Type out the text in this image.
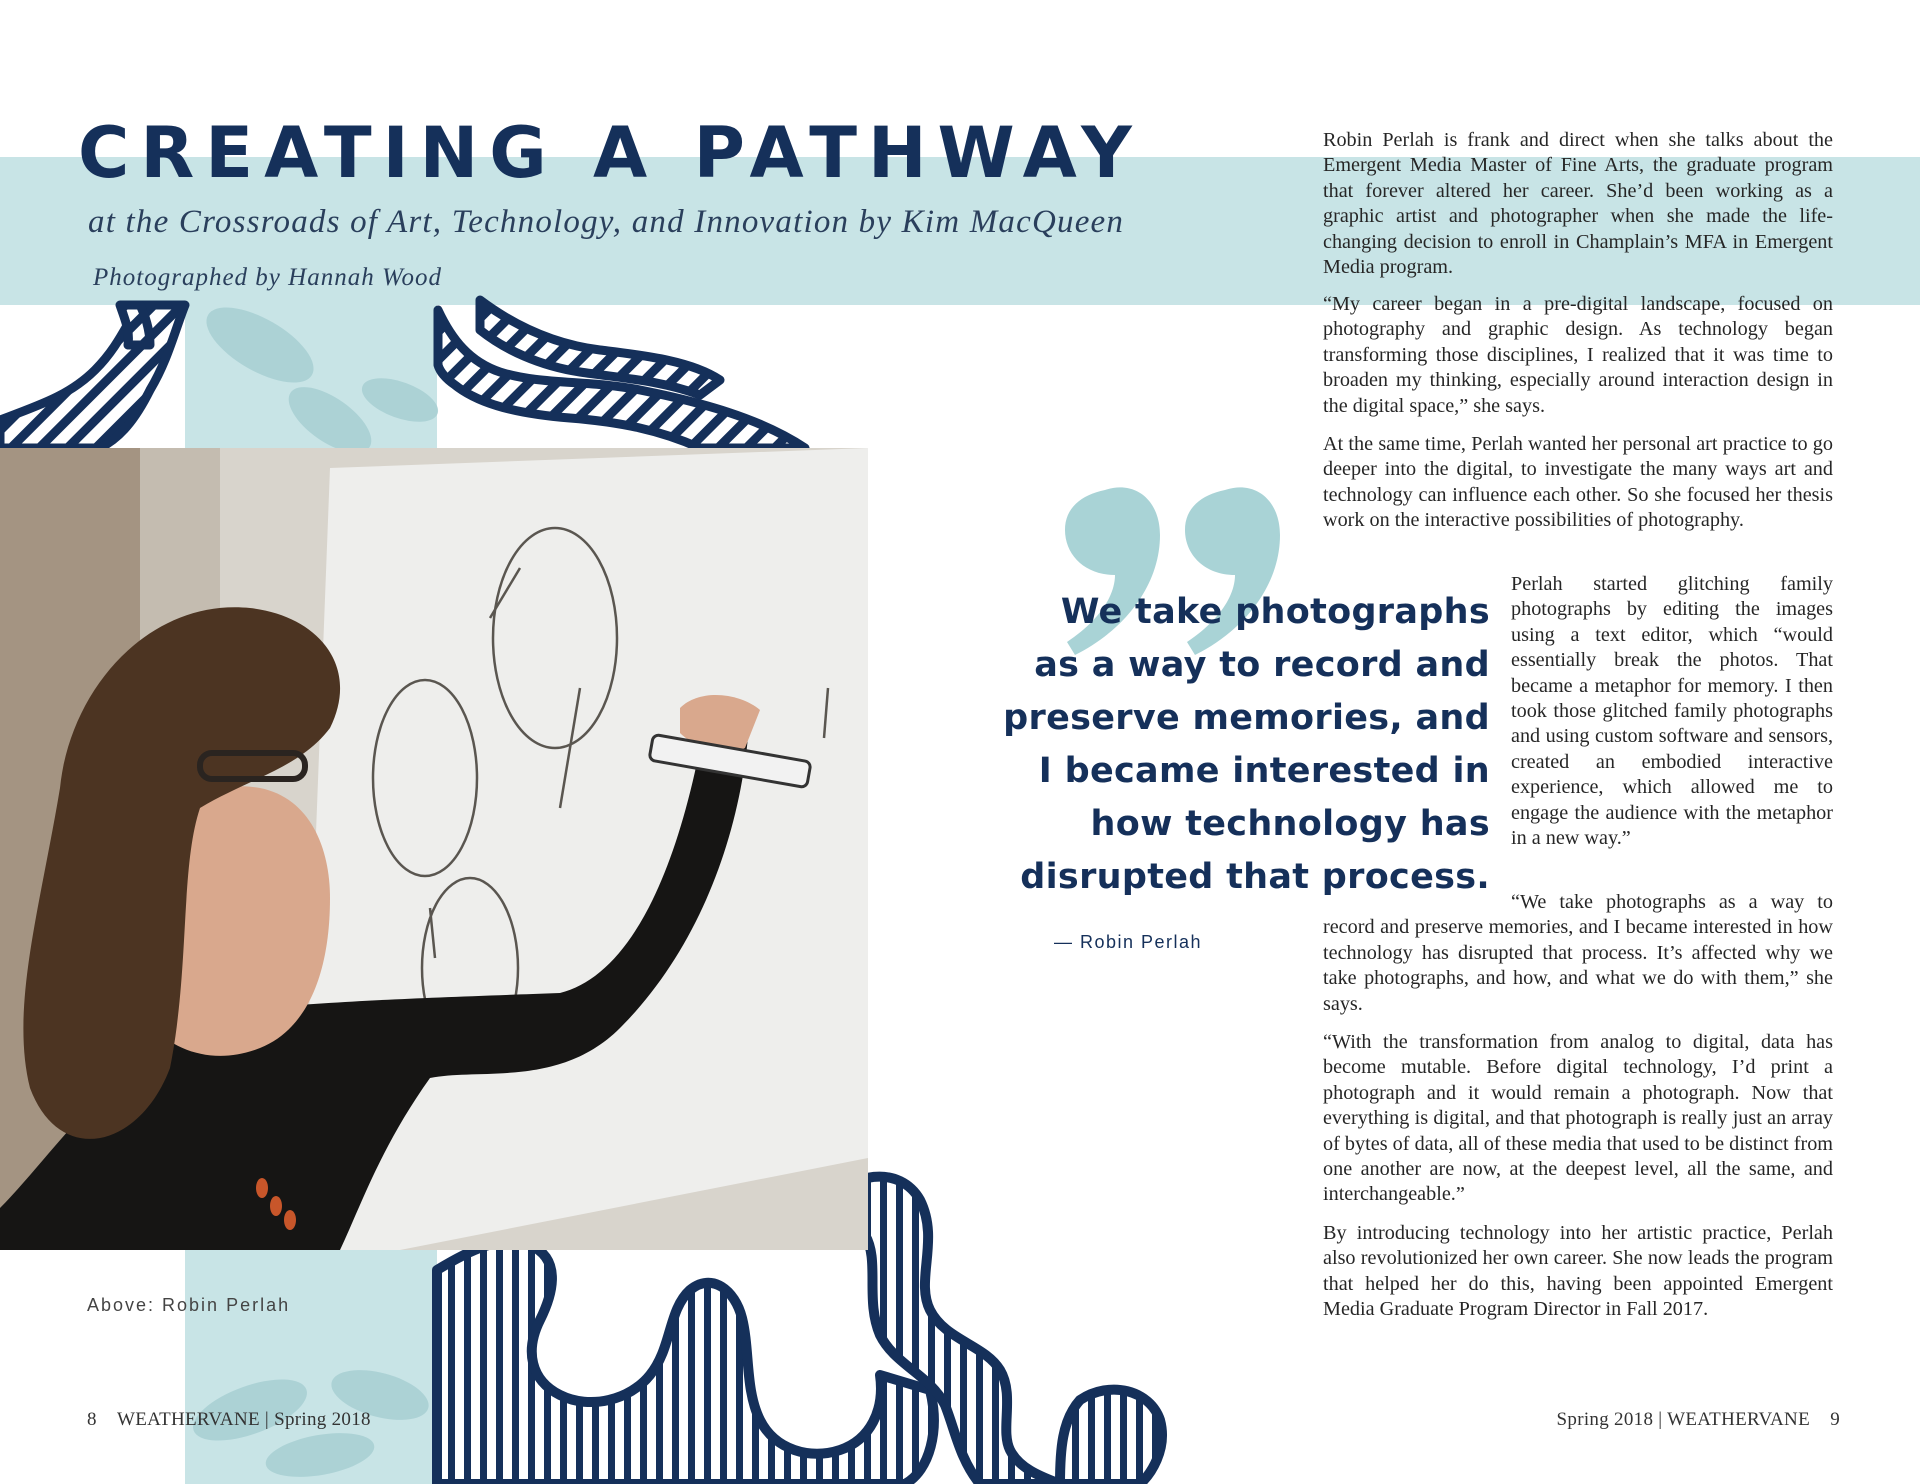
CREATING A PATHWAY
at the Crossroads of Art, Technology, and Innovation by Kim MacQueen
Photographed by Hannah Wood
Above: Robin Perlah
We take photographs
as a way to record and
preserve memories, and
I became interested in
how technology has
disrupted that process.
— Robin Perlah

Robin Perlah is frank and direct when she talks about the Emergent Media Master of Fine Arts, the graduate program that forever altered her career. She’d been working as a graphic artist and photographer when she made the life-changing decision to enroll in Champlain’s MFA in Emergent Media program.

“My career began in a pre-digital landscape, focused on photography and graphic design. As technology began transforming those disciplines, I realized that it was time to broaden my thinking, especially around interaction design in the digital space,” she says.

At the same time, Perlah wanted her personal art practice to go deeper into the digital, to investigate the many ways art and technology can influence each other. So she focused her thesis work on the interactive possibilities of photography.

Perlah started glitching family photographs by editing the images using a text editor, which “would essentially break the photos. That became a metaphor for memory. I then took those glitched family photographs and using custom software and sensors, created an embodied interactive experience, which allowed me to engage the audience with the metaphor in a new way.”

“We take photographs as a way to record and preserve memories, and I became interested in how technology has disrupted that process. It’s affected why we take photographs, and how, and what we do with them,” she says.

“With the transformation from analog to digital, data has become mutable. Before digital technology, I’d print a photograph and it would remain a photograph. Now that everything is digital, and that photograph is really just an array of bytes of data, all of these media that used to be distinct from one another are now, at the deepest level, all the same, and interchangeable.”

By introducing technology into her artistic practice, Perlah also revolutionized her own career. She now leads the program that helped her do this, having been appointed Emergent Media Graduate Program Director in Fall 2017.

8 WEATHERVANE | Spring 2018	Spring 2018 | WEATHERVANE 9
